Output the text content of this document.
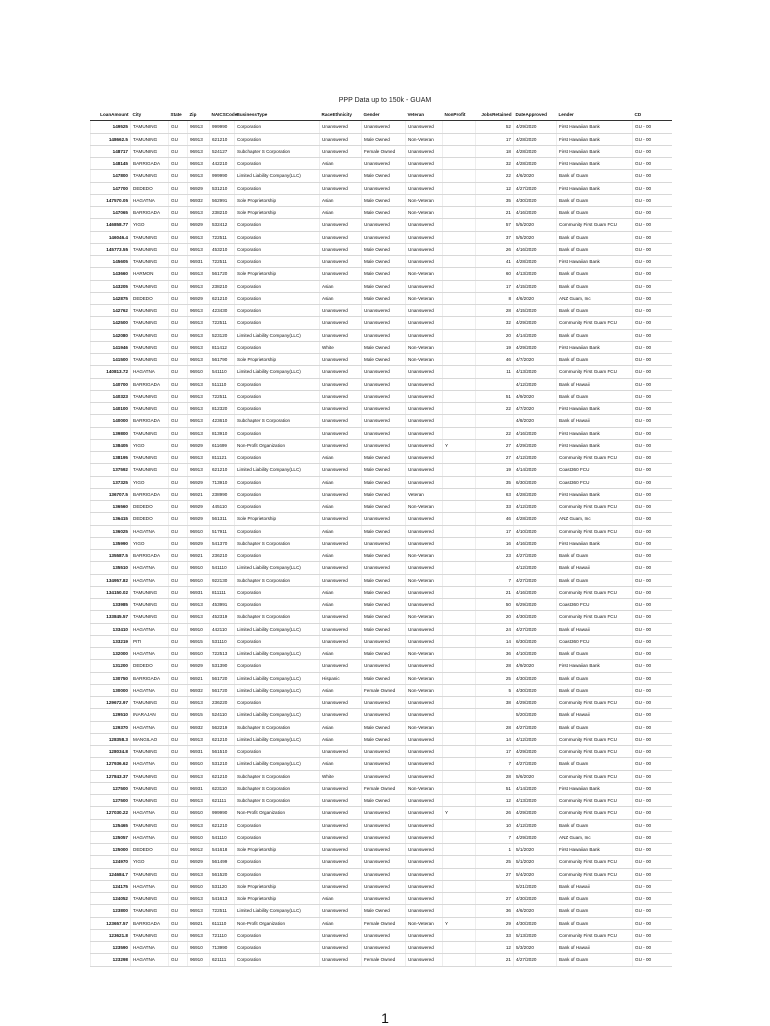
PPP Data up to 150k - GUAM
LoanAmount	City	State	Zip	NAICSCode	BusinessType	RaceEthnicity	Gender	Veteran	NonProfit	JobsRetained	DateApproved	Lender	CD
149525	TAMUNING	GU	96913	999990	Corporation	Unanswered	Unanswered	Unanswered		52	4/29/2020	First Hawaiian Bank	GU - 00
148662.5	TAMUNING	GU	96913	621210	Corporation	Unanswered	Male Owned	Non-Veteran		17	4/28/2020	First Hawaiian Bank	GU - 00
148717	TAMUNING	GU	96913	524127	Subchapter S Corporation	Unanswered	Female Owned	Unanswered		18	4/28/2020	First Hawaiian Bank	GU - 00
148145	BARRIGADA	GU	96913	442210	Corporation	Asian	Unanswered	Unanswered		32	4/28/2020	First Hawaiian Bank	GU - 00
147800	TAMUNING	GU	96913	999990	Limited Liability Company(LLC)	Unanswered	Male Owned	Unanswered		22	4/6/2020	Bank of Guam	GU - 00
147700	DEDEDO	GU	96929	531210	Corporation	Unanswered	Unanswered	Unanswered		12	4/27/2020	First Hawaiian Bank	GU - 00
147570.05	HAGATNA	GU	96932	562991	Sole Proprietorship	Asian	Male Owned	Non-Veteran		35	4/30/2020	Bank of Guam	GU - 00
147065	BARRIGADA	GU	96913	238210	Sole Proprietorship	Asian	Male Owned	Non-Veteran		21	4/16/2020	Bank of Guam	GU - 00
146858.77	YIGO	GU	96929	532412	Corporation	Unanswered	Unanswered	Unanswered		57	5/5/2020	Community First Guam FCU	GU - 00
146046.4	TAMUNING	GU	96913	722511	Corporation	Unanswered	Unanswered	Unanswered		37	5/5/2020	Bank of Guam	GU - 00
145773.55	TAMUNING	GU	96913	453210	Corporation	Unanswered	Male Owned	Unanswered		26	4/16/2020	Bank of Guam	GU - 00
145605	TAMUNING	GU	96931	722511	Corporation	Unanswered	Male Owned	Unanswered		41	4/28/2020	First Hawaiian Bank	GU - 00
143660	HARMON	GU	96913	561720	Sole Proprietorship	Unanswered	Male Owned	Non-Veteran		60	4/13/2020	Bank of Guam	GU - 00
143205	TAMUNING	GU	96913	238210	Corporation	Asian	Male Owned	Unanswered		17	4/15/2020	Bank of Guam	GU - 00
142875	DEDEDO	GU	96929	621210	Corporation	Asian	Male Owned	Non-Veteran		8	4/6/2020	ANZ Guam, Inc	GU - 00
142762	TAMUNING	GU	96913	423430	Corporation	Unanswered	Unanswered	Unanswered		28	4/15/2020	Bank of Guam	GU - 00
142500	TAMUNING	GU	96913	722511	Corporation	Unanswered	Unanswered	Unanswered		32	4/29/2020	Community First Guam FCU	GU - 00
142080	TAMUNING	GU	96913	523120	Limited Liability Company(LLC)	Unanswered	Unanswered	Unanswered		20	4/14/2020	Bank of Guam	GU - 00
141946	TAMUNING	GU	96913	811412	Corporation	White	Male Owned	Non-Veteran		19	4/29/2020	First Hawaiian Bank	GU - 00
141500	TAMUNING	GU	96913	561790	Sole Proprietorship	Unanswered	Male Owned	Non-Veteran		46	4/7/2020	Bank of Guam	GU - 00
140813.72	HAGATNA	GU	96910	541110	Limited Liability Company(LLC)	Unanswered	Unanswered	Unanswered		11	4/13/2020	Community First Guam FCU	GU - 00
140700	BARRIGADA	GU	96913	511110	Corporation	Unanswered	Unanswered	Unanswered			4/12/2020	Bank of Hawaii	GU - 00
140323	TAMUNING	GU	96913	722511	Corporation	Unanswered	Unanswered	Unanswered		51	4/9/2020	Bank of Guam	GU - 00
140100	TAMUNING	GU	96913	812320	Corporation	Unanswered	Unanswered	Unanswered		22	4/7/2020	First Hawaiian Bank	GU - 00
140000	BARRIGADA	GU	96913	423610	Subchapter S Corporation	Unanswered	Unanswered	Unanswered			4/8/2020	Bank of Hawaii	GU - 00
139800	TAMUNING	GU	96913	813910	Corporation	Unanswered	Unanswered	Unanswered		22	4/16/2020	First Hawaiian Bank	GU - 00
138405	YIGO	GU	96929	611699	Non-Profit Organization	Unanswered	Unanswered	Unanswered	Y	27	4/29/2020	First Hawaiian Bank	GU - 00
138195	TAMUNING	GU	96913	811121	Corporation	Asian	Male Owned	Unanswered		27	4/12/2020	Community First Guam FCU	GU - 00
137592	TAMUNING	GU	96913	621210	Limited Liability Company(LLC)	Unanswered	Male Owned	Unanswered		19	4/14/2020	Coast360 FCU	GU - 00
137325	YIGO	GU	96929	713910	Corporation	Asian	Male Owned	Unanswered		35	6/30/2020	Coast360 FCU	GU - 00
136707.5	BARRIGADA	GU	96921	238990	Corporation	Unanswered	Male Owned	Veteran		63	4/28/2020	First Hawaiian Bank	GU - 00
136560	DEDEDO	GU	96929	445110	Corporation	Asian	Male Owned	Non-Veteran		33	4/12/2020	Community First Guam FCU	GU - 00
136415	DEDEDO	GU	96929	561311	Sole Proprietorship	Unanswered	Unanswered	Unanswered		46	4/28/2020	ANZ Guam, Inc	GU - 00
136025	HAGATNA	GU	96910	517911	Corporation	Asian	Male Owned	Unanswered		17	4/10/2020	Community First Guam FCU	GU - 00
135990	YIGO	GU	96929	541370	Subchapter S Corporation	Unanswered	Unanswered	Unanswered		16	4/16/2020	First Hawaiian Bank	GU - 00
135587.5	BARRIGADA	GU	96921	236210	Corporation	Asian	Male Owned	Non-Veteran		23	4/27/2020	Bank of Guam	GU - 00
135510	HAGATNA	GU	96910	541110	Limited Liability Company(LLC)	Unanswered	Unanswered	Unanswered			4/12/2020	Bank of Hawaii	GU - 00
134957.82	HAGATNA	GU	96910	922130	Subchapter S Corporation	Unanswered	Male Owned	Non-Veteran		7	4/27/2020	Bank of Guam	GU - 00
134150.02	TAMUNING	GU	96931	811111	Corporation	Asian	Male Owned	Unanswered		21	4/16/2020	Community First Guam FCU	GU - 00
133985	TAMUNING	GU	96913	453991	Corporation	Asian	Male Owned	Unanswered		50	6/29/2020	Coast360 FCU	GU - 00
133845.57	TAMUNING	GU	96913	452319	Subchapter S Corporation	Unanswered	Male Owned	Non-Veteran		20	4/30/2020	Community First Guam FCU	GU - 00
133410	HAGATNA	GU	96910	442110	Limited Liability Company(LLC)	Unanswered	Male Owned	Unanswered		24	4/27/2020	Bank of Hawaii	GU - 00
133219	PITI	GU	96915	531110	Corporation	Unanswered	Unanswered	Unanswered		14	6/30/2020	Coast360 FCU	GU - 00
132000	HAGATNA	GU	96910	722513	Limited Liability Company(LLC)	Asian	Male Owned	Non-Veteran		36	4/10/2020	Bank of Guam	GU - 00
131200	DEDEDO	GU	96929	531390	Corporation	Unanswered	Unanswered	Unanswered		28	4/9/2020	First Hawaiian Bank	GU - 00
130750	BARRIGADA	GU	96921	561720	Limited Liability Company(LLC)	Hispanic	Male Owned	Non-Veteran		25	4/30/2020	Bank of Guam	GU - 00
130000	HAGATNA	GU	96932	561720	Limited Liability Company(LLC)	Asian	Female Owned	Non-Veteran		5	4/30/2020	Bank of Guam	GU - 00
129672.97	TAMUNING	GU	96913	236220	Corporation	Unanswered	Unanswered	Unanswered		38	4/29/2020	Community First Guam FCU	GU - 00
129510	INARAJAN	GU	96915	524110	Limited Liability Company(LLC)	Unanswered	Unanswered	Unanswered			5/20/2020	Bank of Hawaii	GU - 00
129370	HAGATNA	GU	96932	562219	Subchapter S Corporation	Asian	Male Owned	Non-Veteran		28	4/27/2020	Bank of Guam	GU - 00
128358.3	MANGILAO	GU	96913	621210	Limited Liability Company(LLC)	Asian	Male Owned	Unanswered		14	4/12/2020	Community First Guam FCU	GU - 00
128034.8	TAMUNING	GU	96931	561510	Corporation	Unanswered	Unanswered	Unanswered		17	4/29/2020	Community First Guam FCU	GU - 00
127936.62	HAGATNA	GU	96910	531210	Limited Liability Company(LLC)	Asian	Unanswered	Unanswered		7	4/27/2020	Bank of Guam	GU - 00
127843.37	TAMUNING	GU	96913	621210	Subchapter S Corporation	White	Unanswered	Unanswered		28	5/6/2020	Community First Guam FCU	GU - 00
127500	TAMUNING	GU	96931	623110	Subchapter S Corporation	Unanswered	Female Owned	Non-Veteran		51	4/14/2020	First Hawaiian Bank	GU - 00
127500	TAMUNING	GU	96913	621111	Subchapter S Corporation	Unanswered	Male Owned	Unanswered		12	4/13/2020	Community First Guam FCU	GU - 00
127030.22	HAGATNA	GU	96910	999990	Non-Profit Organization	Unanswered	Unanswered	Unanswered	Y	26	4/29/2020	Community First Guam FCU	GU - 00
125465	TAMUNING	GU	96913	621210	Corporation	Unanswered	Unanswered	Unanswered		10	4/12/2020	Bank of Guam	GU - 00
125057	HAGATNA	GU	96910	541110	Corporation	Unanswered	Unanswered	Unanswered		7	4/29/2020	ANZ Guam, Inc	GU - 00
125000	DEDEDO	GU	96912	541618	Sole Proprietorship	Unanswered	Unanswered	Unanswered		1	5/1/2020	First Hawaiian Bank	GU - 00
124970	YIGO	GU	96929	561499	Corporation	Unanswered	Unanswered	Unanswered		25	5/1/2020	Community First Guam FCU	GU - 00
124684.7	TAMUNING	GU	96913	561520	Corporation	Unanswered	Unanswered	Unanswered		27	5/4/2020	Community First Guam FCU	GU - 00
124175	HAGATNA	GU	96910	531120	Sole Proprietorship	Unanswered	Unanswered	Unanswered			5/21/2020	Bank of Hawaii	GU - 00
124052	TAMUNING	GU	96913	541613	Sole Proprietorship	Asian	Unanswered	Unanswered		27	4/30/2020	Bank of Guam	GU - 00
123800	TAMUNING	GU	96913	722511	Limited Liability Company(LLC)	Unanswered	Male Owned	Unanswered		36	4/6/2020	Bank of Guam	GU - 00
123657.57	BARRIGADA	GU	96921	611110	Non-Profit Organization	Asian	Female Owned	Non-Veteran	Y	29	4/30/2020	Bank of Guam	GU - 00
123621.8	TAMUNING	GU	96913	721110	Corporation	Unanswered	Unanswered	Unanswered		33	5/13/2020	Community First Guam FCU	GU - 00
123590	HAGATNA	GU	96910	713990	Corporation	Unanswered	Unanswered	Unanswered		12	5/3/2020	Bank of Hawaii	GU - 00
123298	HAGATNA	GU	96910	621111	Corporation	Unanswered	Female Owned	Unanswered		21	4/27/2020	Bank of Guam	GU - 00
1
